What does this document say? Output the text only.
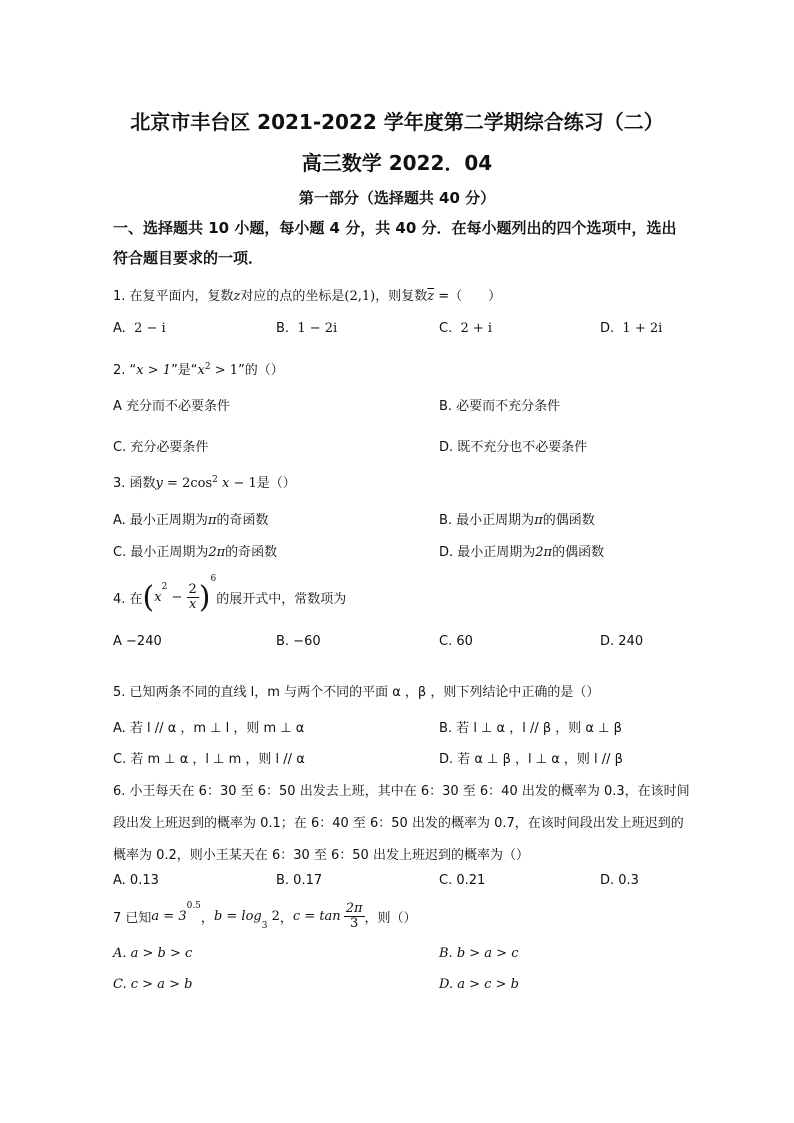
北京市丰台区 2021-2022 学年度第二学期综合练习（二）
高三数学 2022．04
第一部分（选择题共 40 分）
一、选择题共 10 小题，每小题 4 分，共 40 分．在每小题列出的四个选项中，选出
符合题目要求的一项．
1. 在复平面内，复数z对应的点的坐标是(2,1)，则复数$\overline{z}$ =（　　）
A. 2 − i	B. 1 − 2i	C. 2 + i	D. 1 + 2i
2. “x > 1”是“$x^2 > 1$”的（）
A 充分而不必要条件	B. 必要而不充分条件
C. 充分必要条件	D. 既不充分也不必要条件
3. 函数$y = 2\cos^2$ x − 1是（）
A. 最小正周期为π的奇函数	B. 最小正周期为π的偶函数
C. 最小正周期为2π的奇函数	D. 最小正周期为2π的偶函数
4. 在$(x^2 - \frac{2}{x} )^6$的展开式中，常数项为
A −240	B. −60	C. 60	D. 240
5. 已知两条不同的直线 l，m 与两个不同的平面 α ，β ，则下列结论中正确的是（）
A. 若 l // α ，m ⊥ l ，则 m ⊥ α	B. 若 l ⊥ α ，l // β ，则 α ⊥ β
C. 若 m ⊥ α ，l ⊥ m ，则 l // α	D. 若 α ⊥ β ，l ⊥ α ，则 l // β
6. 小王每天在 6：30 至 6：50 出发去上班，其中在 6：30 至 6：40 出发的概率为 0.3，在该时间
段出发上班迟到的概率为 0.1；在 6：40 至 6：50 出发的概率为 0.7，在该时间段出发上班迟到的
概率为 0.2，则小王某天在 6：30 至 6：50 出发上班迟到的概率为（）
A. 0.13	B. 0.17	C. 0.21	D. 0.3
7 已知$a = 3^{0.5}$，$b = \log_3 2$，$c = \tan \frac{2\pi}{3}$ ，则（）
A. a > b > c	B. b > a > c
C. c > a > b	D. a > c > b
